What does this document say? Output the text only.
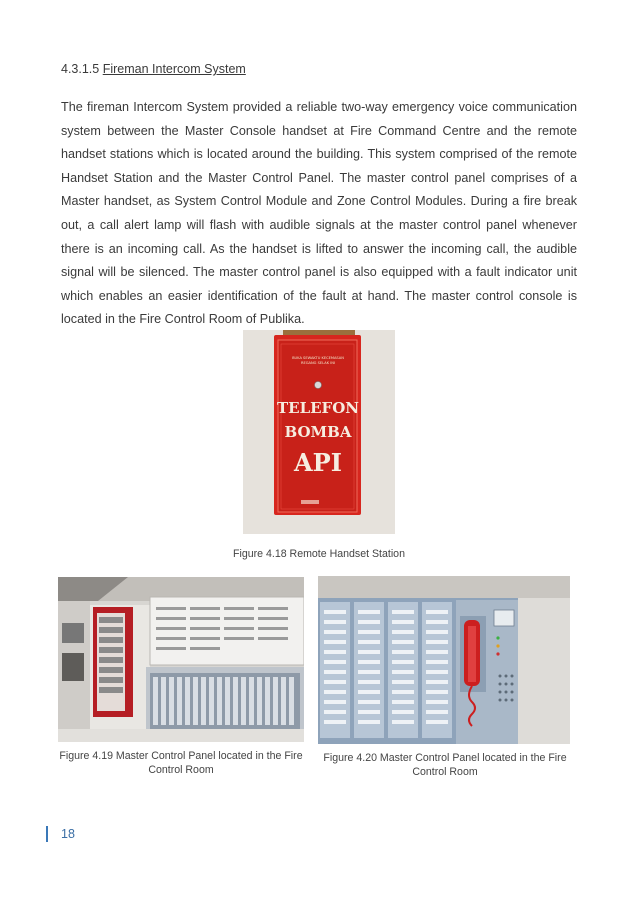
4.3.1.5 Fireman Intercom System
The fireman Intercom System provided a reliable two-way emergency voice communication system between the Master Console handset at Fire Command Centre and the remote handset stations which is located around the building. This system comprised of the remote Handset Station and the Master Control Panel. The master control panel comprises of a Master handset, as System Control Module and Zone Control Modules. During a fire break out, a call alert lamp will flash with audible signals at the master control panel whenever there is an incoming call. As the handset is lifted to answer the incoming call, the audible signal will be silenced. The master control panel is also equipped with a fault indicator unit which enables an easier identification of the fault at hand. The master control console is located in the Fire Control Room of Publika.
BUKA SEWAKTU KECEMASAN
REGANG SELAK INI
TELEFON
BOMBA
API
Figure 4.18 Remote Handset Station
Figure 4.19 Master Control Panel located in the Fire Control Room
Figure 4.20 Master Control Panel located in the Fire Control Room
18
